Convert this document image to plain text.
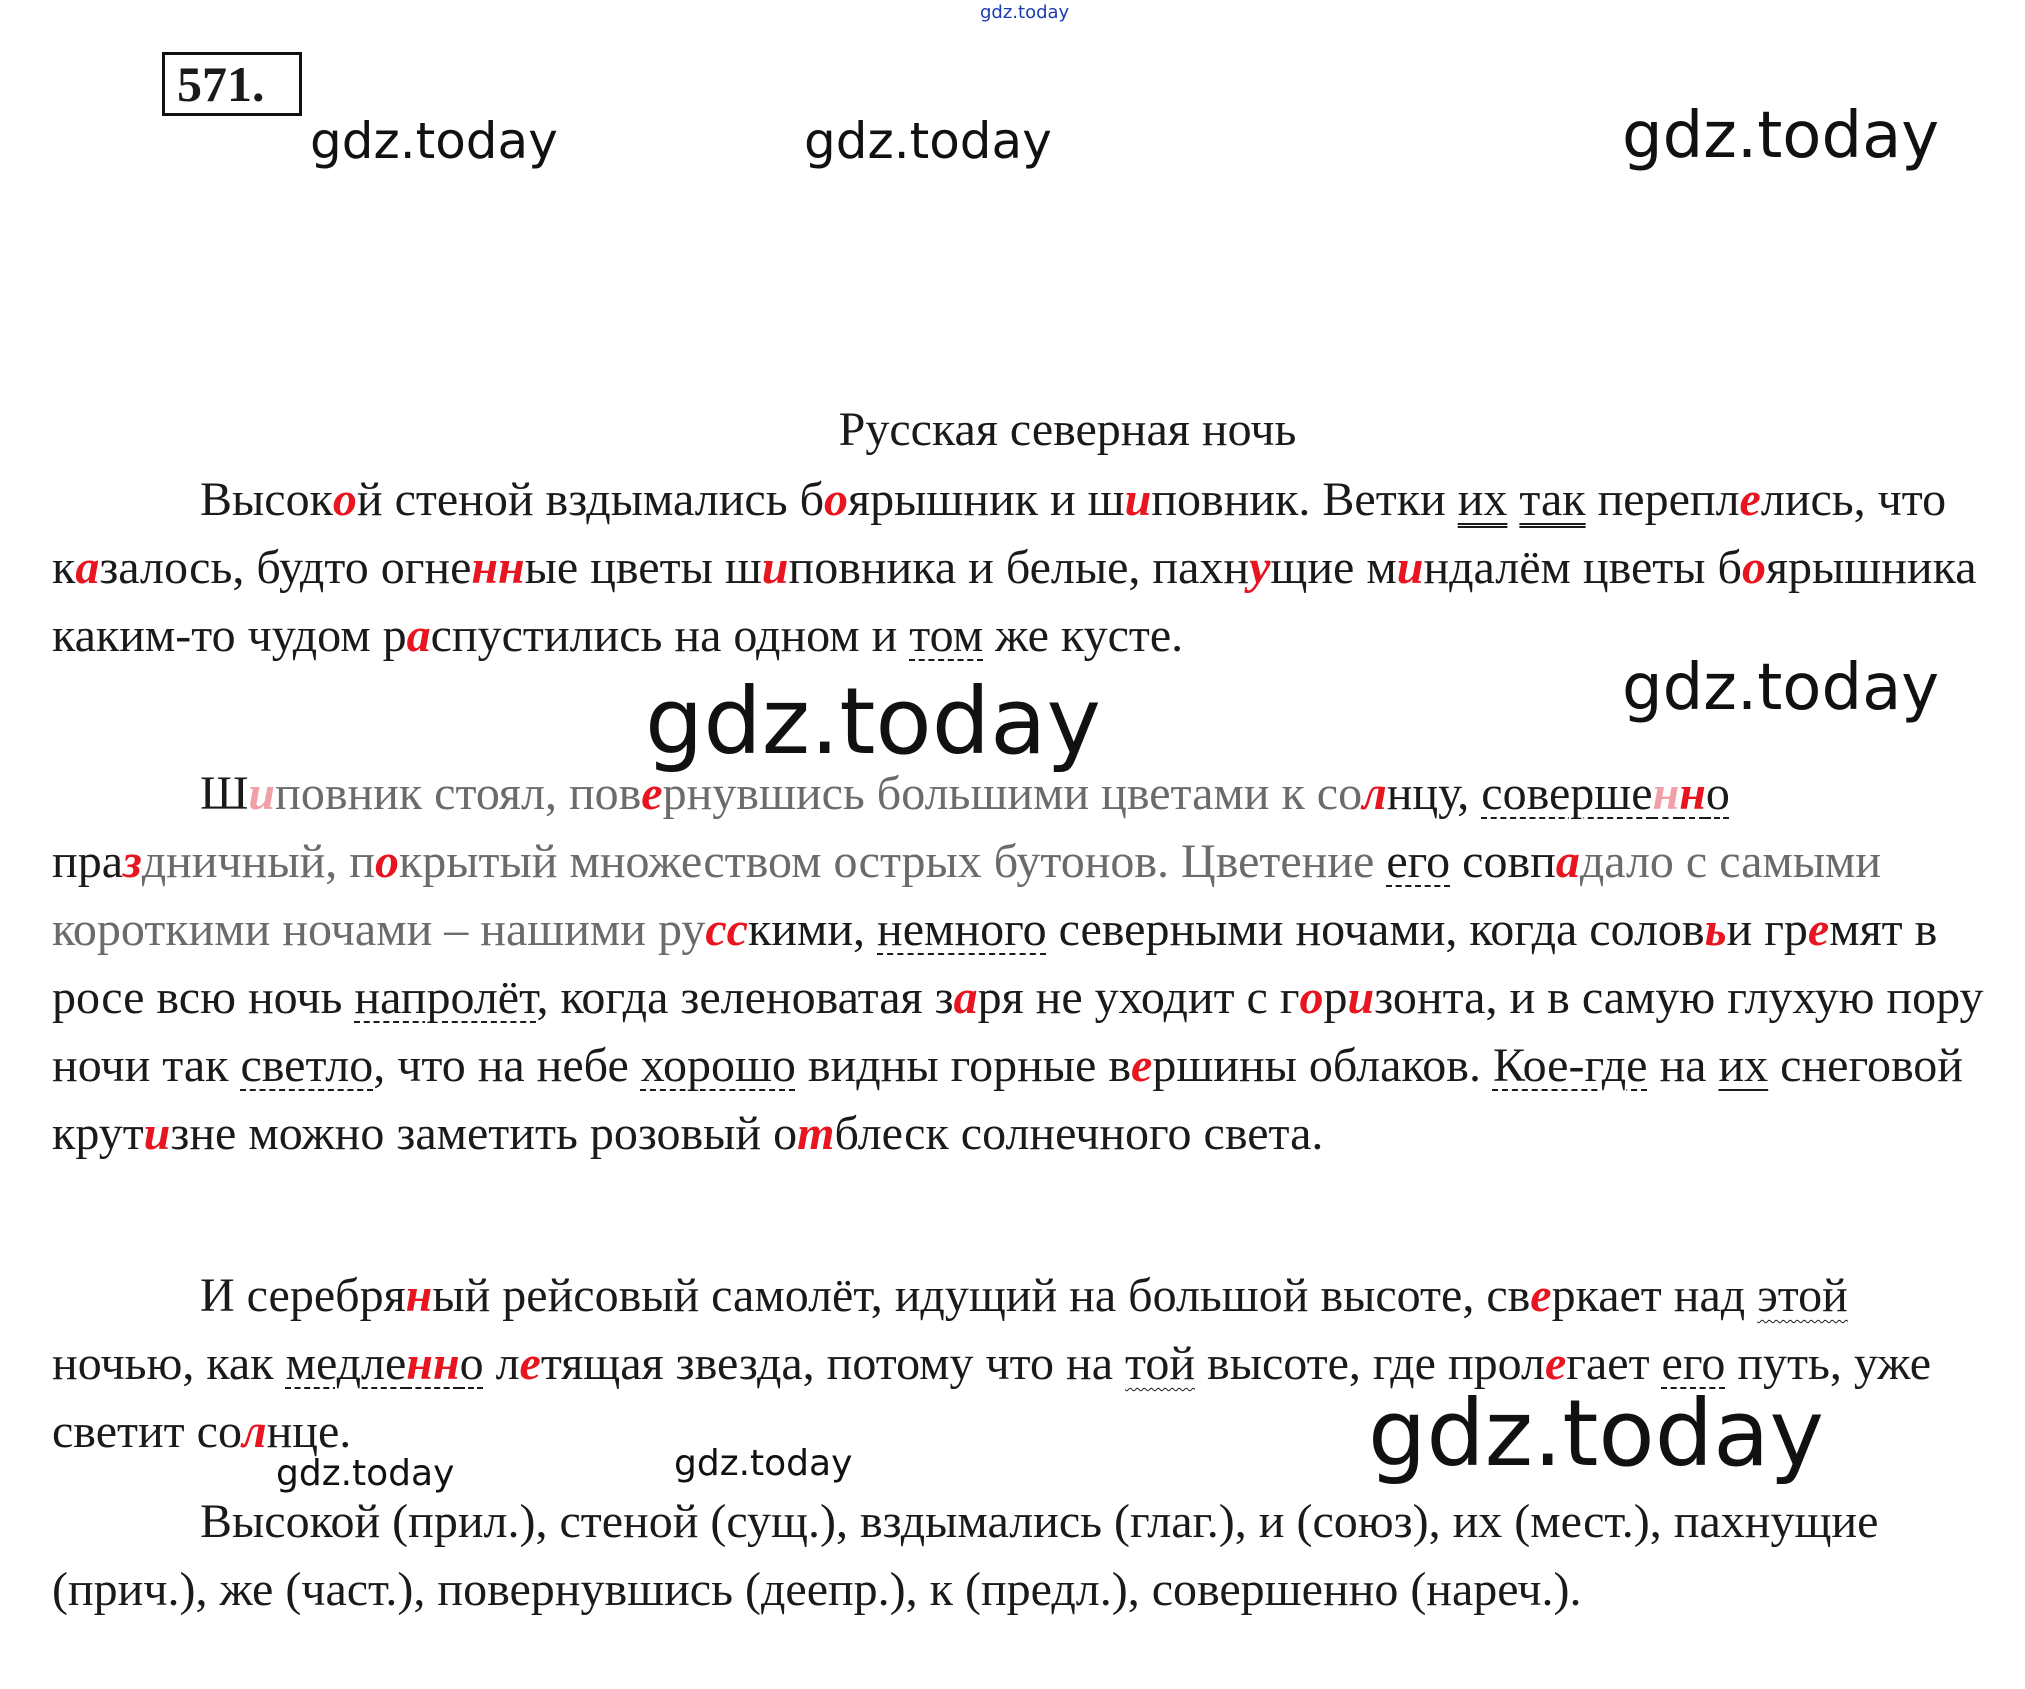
gdz.today
gdz.today	gdz.today	gdz.today
gdz.today
571.
Русская северная ночь

Высокой стеной вздымались боярышник и шиповник. Ветки их так переплелись, что казалось, будто огненные цветы шиповника и белые, пахнущие миндалём цветы боярышника каким-то чудом распустились на одном и том же кусте.

gdz.today

Шиповник стоял, повернувшись большими цветами к солнцу, совершенно праздничный, покрытый множеством острых бутонов. Цветение его совпадало с самыми короткими ночами – нашими русскими, немного северными ночами, когда соловьи гремят в росе всю ночь напролёт, когда зеленоватая заря не уходит с горизонта, и в самую глухую пору ночи так светло, что на небе хорошо видны горные вершины облаков. Кое-где на их снеговой крутизне можно заметить розовый отблеск солнечного света.

И серебряный рейсовый самолёт, идущий на большой высоте, сверкает над этой ночью, как медленно летящая звезда, потому что на той высоте, где пролегает его путь, уже светит солнце.	gdz.today
gdz.today	gdz.today

Высокой (прил.), стеной (сущ.), вздымались (глаг.), и (союз), их (мест.), пахнущие (прич.), же (част.), повернувшись (деепр.), к (предл.), совершенно (нареч.).
